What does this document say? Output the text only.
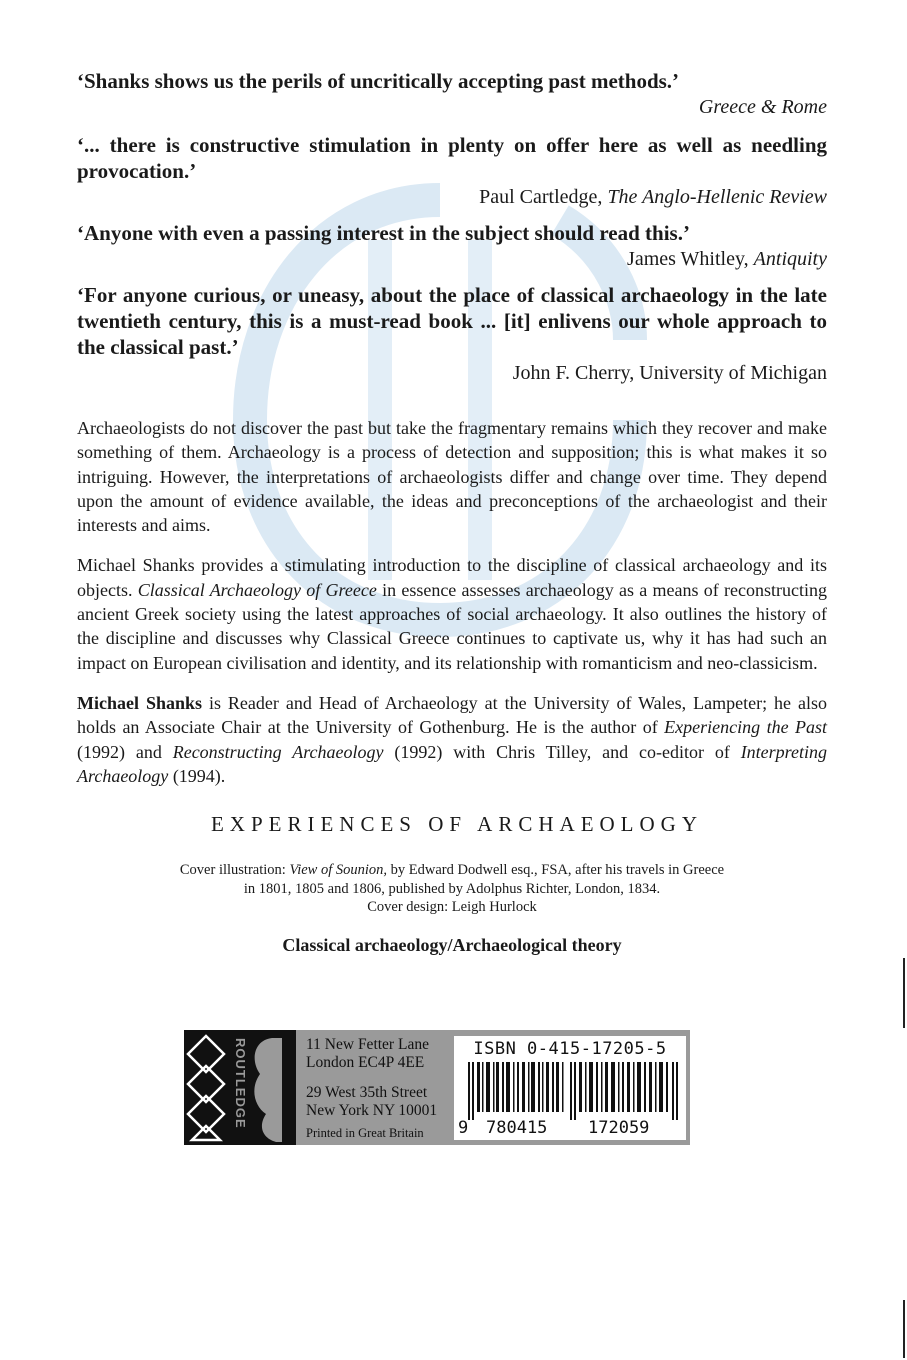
‘Shanks shows us the perils of uncritically accepting past methods.’
Greece & Rome
‘... there is constructive stimulation in plenty on offer here as well as needling provocation.’
Paul Cartledge, The Anglo-Hellenic Review
‘Anyone with even a passing interest in the subject should read this.’
James Whitley, Antiquity
‘For anyone curious, or uneasy, about the place of classical archaeology in the late twentieth century, this is a must-read book ... [it] enlivens our whole approach to the classical past.’
John F. Cherry, University of Michigan
Archaeologists do not discover the past but take the fragmentary remains which they recover and make something of them. Archaeology is a process of detection and supposition; this is what makes it so intriguing. However, the interpretations of archaeologists differ and change over time. They depend upon the amount of evidence available, the ideas and preconceptions of the archaeologist and their interests and aims.
Michael Shanks provides a stimulating introduction to the discipline of classical archaeology and its objects. Classical Archaeology of Greece in essence assesses archaeology as a means of reconstructing ancient Greek society using the latest approaches of social archaeology. It also outlines the history of the discipline and discusses why Classical Greece continues to captivate us, why it has had such an impact on European civilisation and identity, and its relationship with romanticism and neo-classicism.
Michael Shanks is Reader and Head of Archaeology at the University of Wales, Lampeter; he also holds an Associate Chair at the University of Gothenburg. He is the author of Experiencing the Past (1992) and Reconstructing Archaeology (1992) with Chris Tilley, and co-editor of Interpreting Archaeology (1994).
EXPERIENCES OF ARCHAEOLOGY
Cover illustration: View of Sounion, by Edward Dodwell esq., FSA, after his travels in Greece
in 1801, 1805 and 1806, published by Adolphus Richter, London, 1834.
Cover design: Leigh Hurlock
Classical archaeology/Archaeological theory
ROUTLEDGE	11 New Fetter Lane
London EC4P 4EE
29 West 35th Street
New York NY 10001
Printed in Great Britain
ISBN 0-415-17205-5
9 780415 172059
